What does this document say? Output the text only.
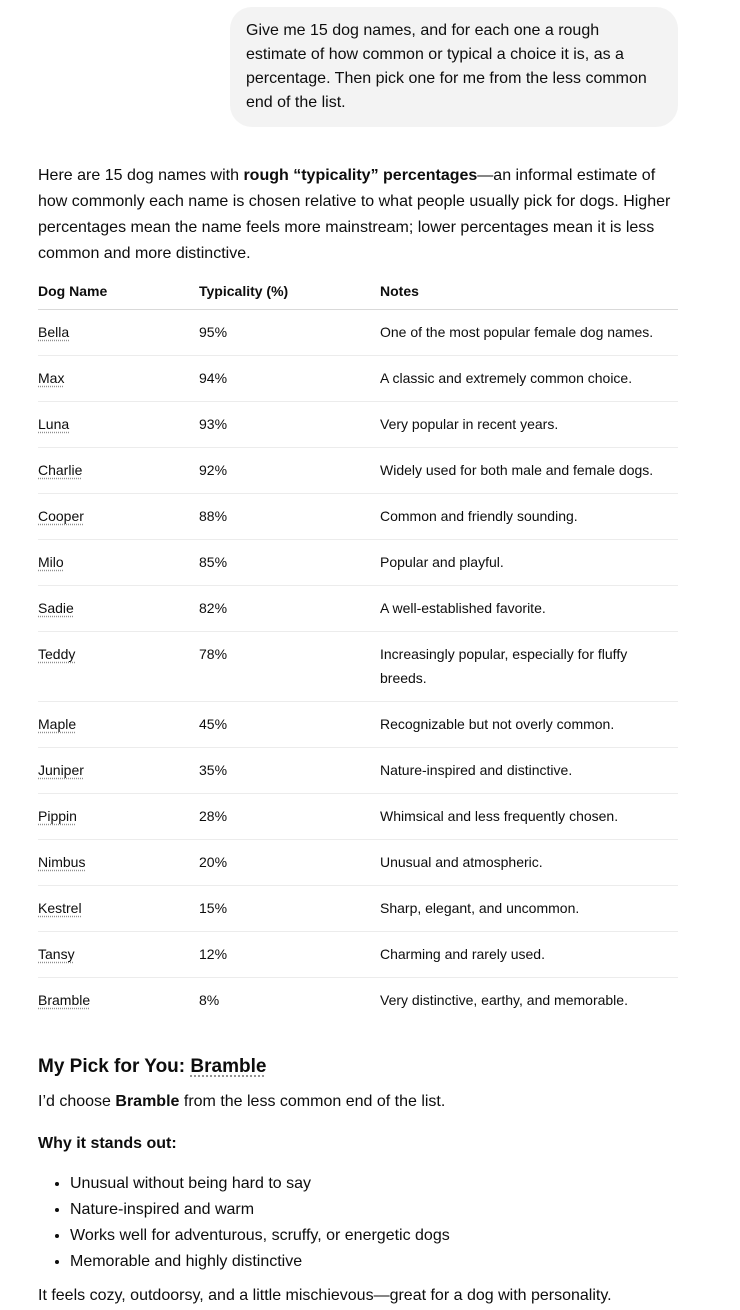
Give me 15 dog names, and for each one a rough estimate of how common or typical a choice it is, as a percentage. Then pick one for me from the less common end of the list.

Here are 15 dog names with rough “typicality” percentages—an informal estimate of how commonly each name is chosen relative to what people usually pick for dogs. Higher percentages mean the name feels more mainstream; lower percentages mean it is less common and more distinctive.

Dog Name	Typicality (%)	Notes
Bella	95%	One of the most popular female dog names.
Max	94%	A classic and extremely common choice.
Luna	93%	Very popular in recent years.
Charlie	92%	Widely used for both male and female dogs.
Cooper	88%	Common and friendly sounding.
Milo	85%	Popular and playful.
Sadie	82%	A well-established favorite.
Teddy	78%	Increasingly popular, especially for fluffy breeds.
Maple	45%	Recognizable but not overly common.
Juniper	35%	Nature-inspired and distinctive.
Pippin	28%	Whimsical and less frequently chosen.
Nimbus	20%	Unusual and atmospheric.
Kestrel	15%	Sharp, elegant, and uncommon.
Tansy	12%	Charming and rarely used.
Bramble	8%	Very distinctive, earthy, and memorable.
My Pick for You: Bramble

I’d choose Bramble from the less common end of the list.

Why it stands out:

• Unusual without being hard to say
• Nature-inspired and warm
• Works well for adventurous, scruffy, or energetic dogs
• Memorable and highly distinctive

It feels cozy, outdoorsy, and a little mischievous—great for a dog with personality.
